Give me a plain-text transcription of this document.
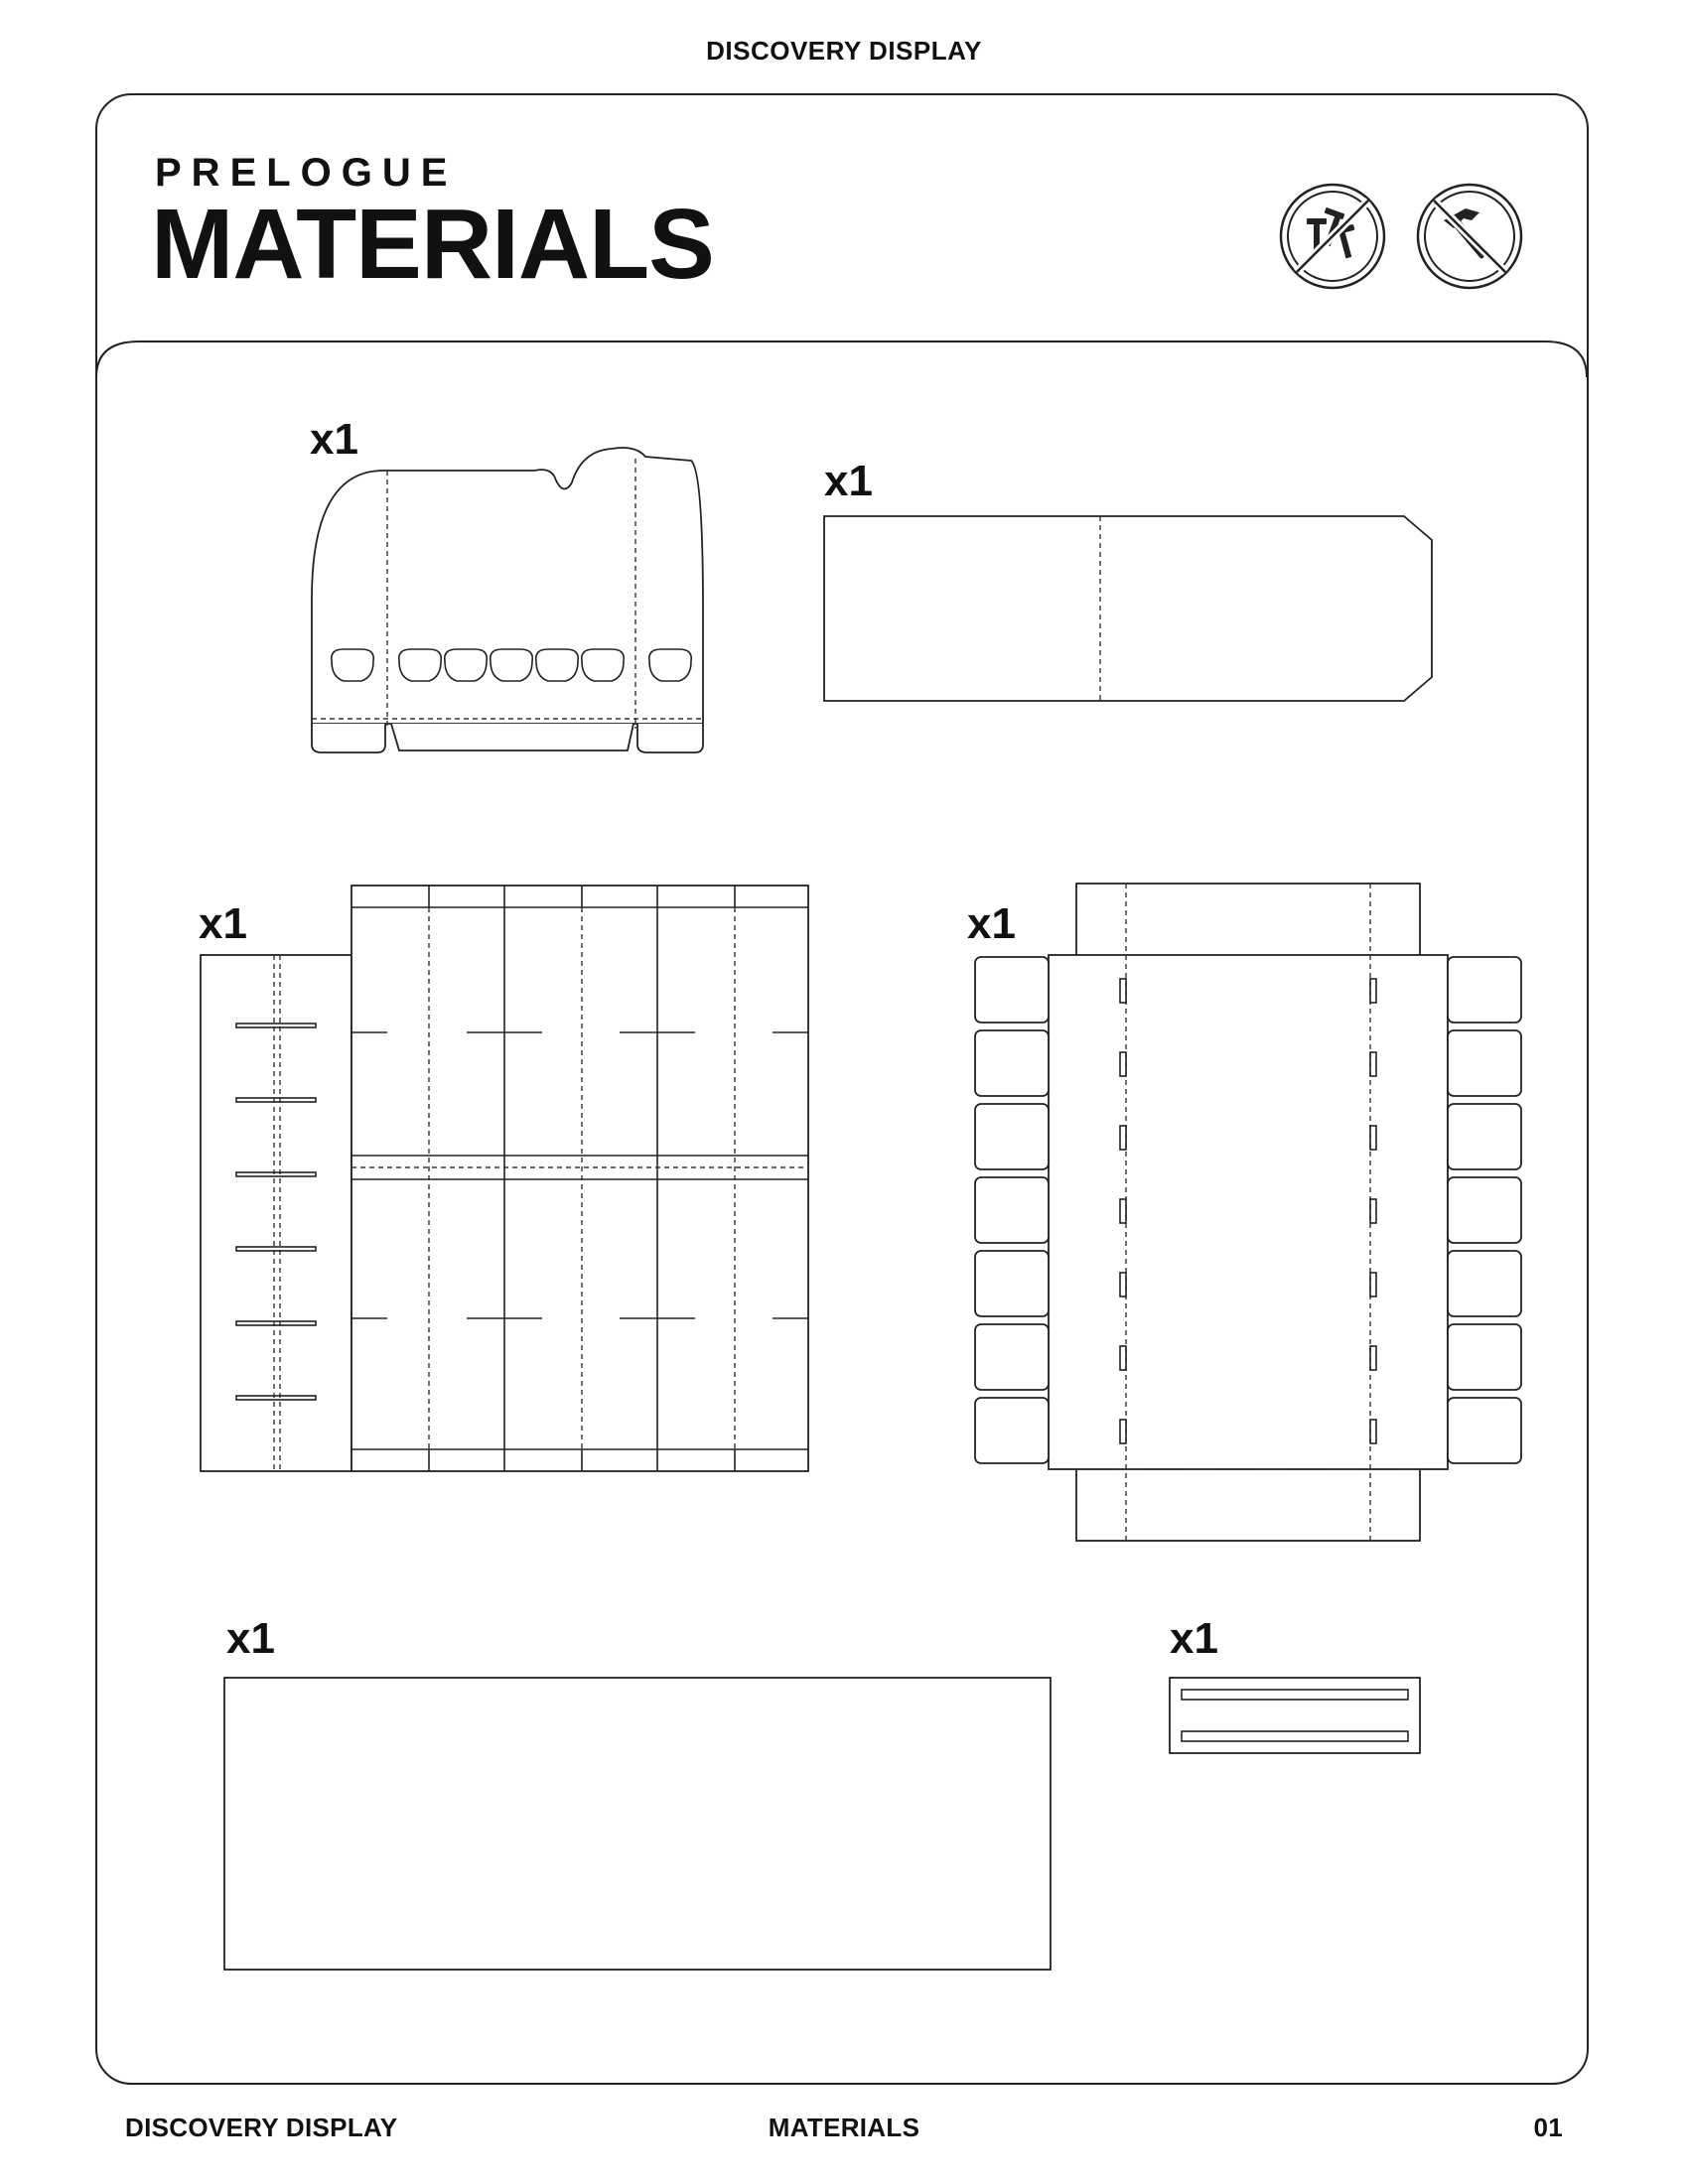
DISCOVERY DISPLAY
PRELOGUE
MATERIALS
x1
x1
x1	x1
x1	x1
DISCOVERY DISPLAY	MATERIALS	01
